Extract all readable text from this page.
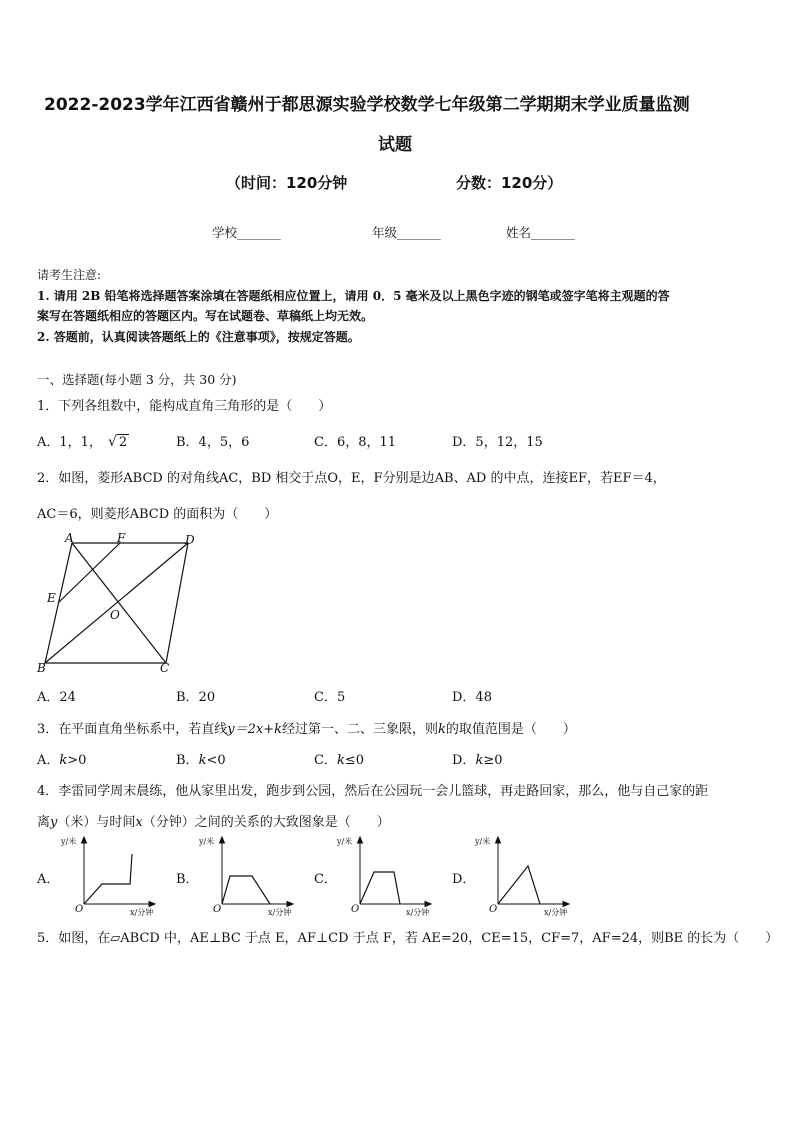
2022-2023学年江西省赣州于都思源实验学校数学七年级第二学期期末学业质量监测
试题
（时间：120分钟	分数：120分）
学校_______	年级_______	姓名_______
请考生注意:
1. 请用 2B 铅笔将选择题答案涂填在答题纸相应位置上，请用 0．5 毫米及以上黑色字迹的钢笔或签字笔将主观题的答
案写在答题纸相应的答题区内。写在试题卷、草稿纸上均无效。
2. 答题前，认真阅读答题纸上的《注意事项》，按规定答题。
一、选择题(每小题 3 分，共 30 分)
1．下列各组数中，能构成直角三角形的是（　　）
A．1，1， √ 2	B．4，5，6	C．6，8，11	D．5，12，15
2．如图，菱形ABCD 的对角线AC，BD 相交于点O，E，F分别是边AB、AD 的中点，连接EF，若EF＝4，
AC＝6，则菱形ABCD 的面积为（　　）
A	F	D
E
O
B	C
A．24	B．20	C．5	D．48
3．在平面直角坐标系中，若直线y＝2x+k经过第一、二、三象限，则k的取值范围是（　　）
A．k>0	B．k<0	C．k≤0	D．k≥0
4．李雷同学周末晨练，他从家里出发，跑步到公园，然后在公园玩一会儿篮球，再走路回家，那么，他与自己家的距
离y（米）与时间x（分钟）之间的关系的大致图象是（　　）
A．	B．	C．	D．
y/米
O	x/分钟
y/米
O	x/分钟
y/米
O	x/分钟
y/米
O	x/分钟
5．如图，在▱ABCD 中，AE⊥BC 于点 E，AF⊥CD 于点 F，若 AE=20，CE=15，CF=7，AF=24，则BE 的长为（　　）
